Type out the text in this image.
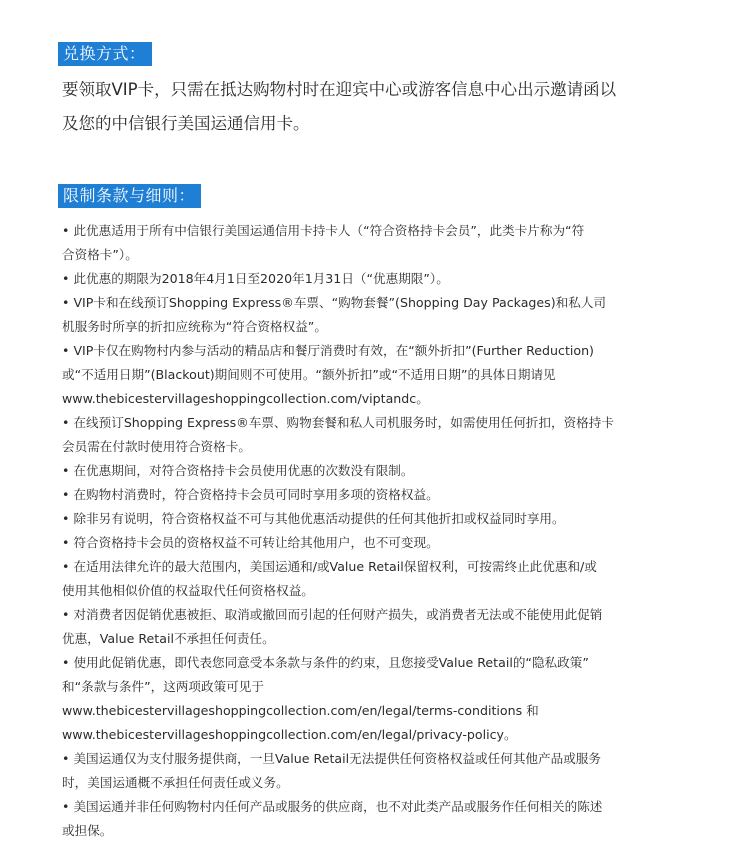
兑换方式：
要领取VIP卡，只需在抵达购物村时在迎宾中心或游客信息中心出示邀请函以
及您的中信银行美国运通信用卡。
限制条款与细则：
• 此优惠适用于所有中信银行美国运通信用卡持卡人（“符合资格持卡会员”，此类卡片称为“符
合资格卡”）。
• 此优惠的期限为2018年4月1日至2020年1月31日（“优惠期限”）。
• VIP卡和在线预订Shopping Express®车票、“购物套餐”(Shopping Day Packages)和私人司
机服务时所享的折扣应统称为“符合资格权益”。
• VIP卡仅在购物村内参与活动的精品店和餐厅消费时有效，在“额外折扣”(Further Reduction)
或“不适用日期”(Blackout)期间则不可使用。“额外折扣”或“不适用日期”的具体日期请见
www.thebicestervillageshoppingcollection.com/viptandc。
• 在线预订Shopping Express®车票、购物套餐和私人司机服务时，如需使用任何折扣，资格持卡
会员需在付款时使用符合资格卡。
• 在优惠期间，对符合资格持卡会员使用优惠的次数没有限制。
• 在购物村消费时，符合资格持卡会员可同时享用多项的资格权益。
• 除非另有说明，符合资格权益不可与其他优惠活动提供的任何其他折扣或权益同时享用。
• 符合资格持卡会员的资格权益不可转让给其他用户，也不可变现。
• 在适用法律允许的最大范围内，美国运通和/或Value Retail保留权利，可按需终止此优惠和/或
使用其他相似价值的权益取代任何资格权益。
• 对消费者因促销优惠被拒、取消或撤回而引起的任何财产损失，或消费者无法或不能使用此促销
优惠，Value Retail不承担任何责任。
• 使用此促销优惠，即代表您同意受本条款与条件的约束，且您接受Value Retail的“隐私政策”
和“条款与条件”，这两项政策可见于
www.thebicestervillageshoppingcollection.com/en/legal/terms-conditions 和
www.thebicestervillageshoppingcollection.com/en/legal/privacy-policy。
• 美国运通仅为支付服务提供商，一旦Value Retail无法提供任何资格权益或任何其他产品或服务
时，美国运通概不承担任何责任或义务。
• 美国运通并非任何购物村内任何产品或服务的供应商，也不对此类产品或服务作任何相关的陈述
或担保。
